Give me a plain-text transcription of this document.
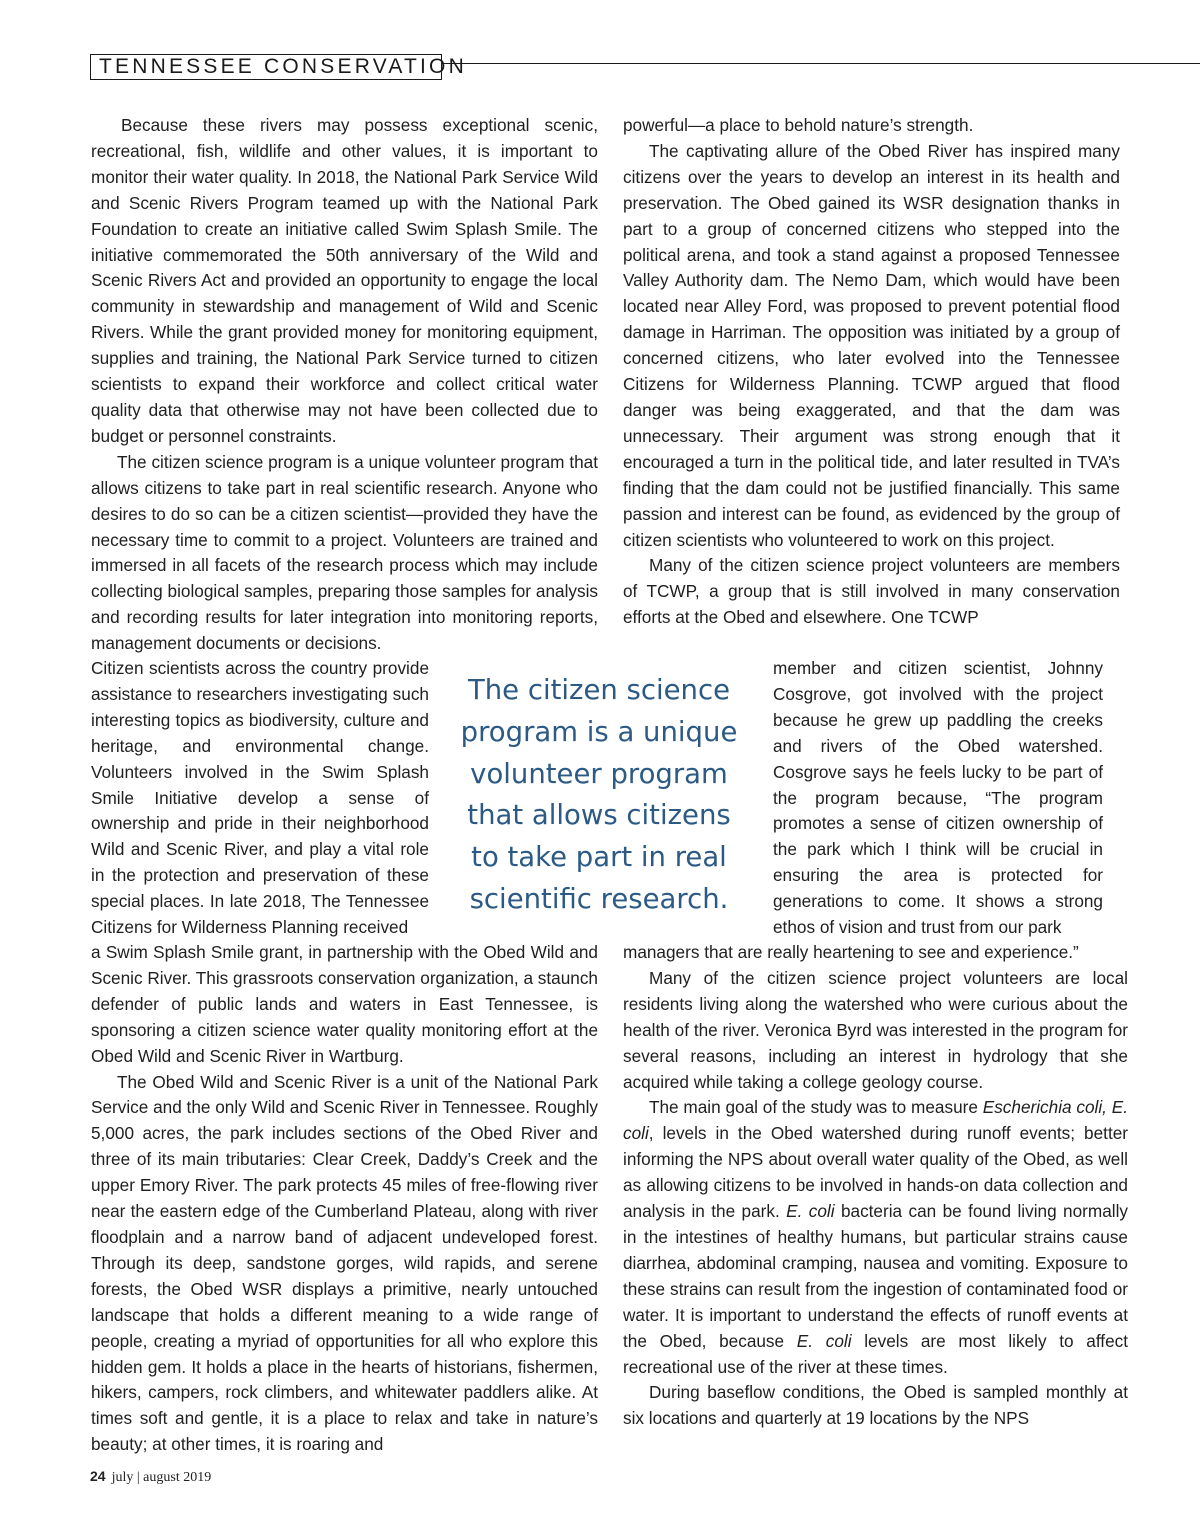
TENNESSEE CONSERVATION

Because these rivers may possess exceptional scenic, recreational, fish, wildlife and other values, it is important to monitor their water quality. In 2018, the National Park Service Wild and Scenic Rivers Program teamed up with the National Park Foundation to create an initiative called Swim Splash Smile. The initiative commemorated the 50th anniversary of the Wild and Scenic Rivers Act and provided an opportunity to engage the local community in stewardship and management of Wild and Scenic Rivers. While the grant provided money for monitoring equipment, supplies and training, the National Park Service turned to citizen scientists to expand their workforce and collect critical water quality data that otherwise may not have been collected due to budget or personnel constraints.

The citizen science program is a unique volunteer program that allows citizens to take part in real scientific research. Anyone who desires to do so can be a citizen scientist—provided they have the necessary time to commit to a project. Volunteers are trained and immersed in all facets of the research process which may include collecting biological samples, preparing those samples for analysis and recording results for later integration into monitoring reports, management documents or decisions.

Citizen scientists across the country provide assistance to researchers investigating such interesting topics as biodiversity, culture and heritage, and environmental change. Volunteers involved in the Swim Splash Smile Initiative develop a sense of ownership and pride in their neighborhood Wild and Scenic River, and play a vital role in the protection and preservation of these special places. In late 2018, The Tennessee Citizens for Wilderness Planning received

a Swim Splash Smile grant, in partnership with the Obed Wild and Scenic River. This grassroots conservation organization, a staunch defender of public lands and waters in East Tennessee, is sponsoring a citizen science water quality monitoring effort at the Obed Wild and Scenic River in Wartburg.

The Obed Wild and Scenic River is a unit of the National Park Service and the only Wild and Scenic River in Tennessee. Roughly 5,000 acres, the park includes sections of the Obed River and three of its main tributaries: Clear Creek, Daddy’s Creek and the upper Emory River. The park protects 45 miles of free-flowing river near the eastern edge of the Cumberland Plateau, along with river floodplain and a narrow band of adjacent undeveloped forest. Through its deep, sandstone gorges, wild rapids, and serene forests, the Obed WSR displays a primitive, nearly untouched landscape that holds a different meaning to a wide range of people, creating a myriad of opportunities for all who explore this hidden gem. It holds a place in the hearts of historians, fishermen, hikers, campers, rock climbers, and whitewater paddlers alike. At times soft and gentle, it is a place to relax and take in nature’s beauty; at other times, it is roaring and

The citizen science program is a unique volunteer program that allows citizens to take part in real scientific research.

powerful—a place to behold nature’s strength.

The captivating allure of the Obed River has inspired many citizens over the years to develop an interest in its health and preservation. The Obed gained its WSR designation thanks in part to a group of concerned citizens who stepped into the political arena, and took a stand against a proposed Tennessee Valley Authority dam. The Nemo Dam, which would have been located near Alley Ford, was proposed to prevent potential flood damage in Harriman. The opposition was initiated by a group of concerned citizens, who later evolved into the Tennessee Citizens for Wilderness Planning. TCWP argued that flood danger was being exaggerated, and that the dam was unnecessary. Their argument was strong enough that it encouraged a turn in the political tide, and later resulted in TVA’s finding that the dam could not be justified financially. This same passion and interest can be found, as evidenced by the group of citizen scientists who volunteered to work on this project.

Many of the citizen science project volunteers are members of TCWP, a group that is still involved in many conservation efforts at the Obed and elsewhere. One TCWP

member and citizen scientist, Johnny Cosgrove, got involved with the project because he grew up paddling the creeks and rivers of the Obed watershed. Cosgrove says he feels lucky to be part of the program because, “The program promotes a sense of citizen ownership of the park which I think will be crucial in ensuring the area is protected for generations to come. It shows a strong ethos of vision and trust from our park

managers that are really heartening to see and experience.”

Many of the citizen science project volunteers are local residents living along the watershed who were curious about the health of the river. Veronica Byrd was interested in the program for several reasons, including an interest in hydrology that she acquired while taking a college geology course.

The main goal of the study was to measure Escherichia coli, E. coli, levels in the Obed watershed during runoff events; better informing the NPS about overall water quality of the Obed, as well as allowing citizens to be involved in hands-on data collection and analysis in the park. E. coli bacteria can be found living normally in the intestines of healthy humans, but particular strains cause diarrhea, abdominal cramping, nausea and vomiting. Exposure to these strains can result from the ingestion of contaminated food or water. It is important to understand the effects of runoff events at the Obed, because E. coli levels are most likely to affect recreational use of the river at these times.

During baseflow conditions, the Obed is sampled monthly at six locations and quarterly at 19 locations by the NPS

24 july | august 2019
